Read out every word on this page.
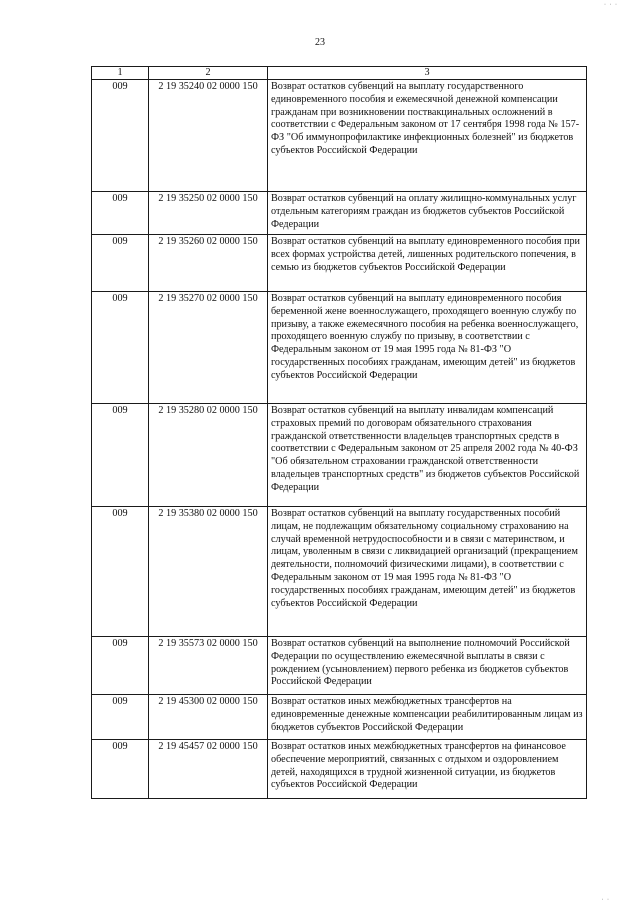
· · ·
23
1	2	3
009	2 19 35240 02 0000 150	Возврат остатков субвенций на выплату государственного единовременного пособия и ежемесячной денежной компенсации гражданам при возникновении поствакцинальных осложнений в соответствии с Федеральным законом от 17 сентября 1998 года № 157-ФЗ "Об иммунопрофилактике инфекционных болезней" из бюджетов субъектов Российской Федерации
009	2 19 35250 02 0000 150	Возврат остатков субвенций на оплату жилищно-коммунальных услуг отдельным категориям граждан из бюджетов субъектов Российской Федерации
009	2 19 35260 02 0000 150	Возврат остатков субвенций на выплату единовременного пособия при всех формах устройства детей, лишенных родительского попечения, в семью из бюджетов субъектов Российской Федерации
009	2 19 35270 02 0000 150	Возврат остатков субвенций на выплату единовременного пособия беременной жене военнослужащего, проходящего военную службу по призыву, а также ежемесячного пособия на ребенка военнослужащего, проходящего военную службу по призыву, в соответствии с Федеральным законом от 19 мая 1995 года № 81-ФЗ "О государственных пособиях гражданам, имеющим детей" из бюджетов субъектов Российской Федерации
009	2 19 35280 02 0000 150	Возврат остатков субвенций на выплату инвалидам компенсаций страховых премий по договорам обязательного страхования гражданской ответственности владельцев транспортных средств в соответствии с Федеральным законом от 25 апреля 2002 года № 40-ФЗ "Об обязательном страховании гражданской ответственности владельцев транспортных средств" из бюджетов субъектов Российской Федерации
009	2 19 35380 02 0000 150	Возврат остатков субвенций на выплату государственных пособий лицам, не подлежащим обязательному социальному страхованию на случай временной нетрудоспособности и в связи с материнством, и лицам, уволенным в связи с ликвидацией организаций (прекращением деятельности, полномочий физическими лицами), в соответствии с Федеральным законом от 19 мая 1995 года № 81-ФЗ "О государственных пособиях гражданам, имеющим детей" из бюджетов субъектов Российской Федерации
009	2 19 35573 02 0000 150	Возврат остатков субвенций на выполнение полномочий Российской Федерации по осуществлению ежемесячной выплаты в связи с рождением (усыновлением) первого ребенка из бюджетов субъектов Российской Федерации
009	2 19 45300 02 0000 150	Возврат остатков иных межбюджетных трансфертов на единовременные денежные компенсации реабилитированным лицам из бюджетов субъектов Российской Федерации
009	2 19 45457 02 0000 150	Возврат остатков иных межбюджетных трансфертов на финансовое обеспечение мероприятий, связанных с отдыхом и оздоровлением детей, находящихся в трудной жизненной ситуации, из бюджетов субъектов Российской Федерации
· ·
